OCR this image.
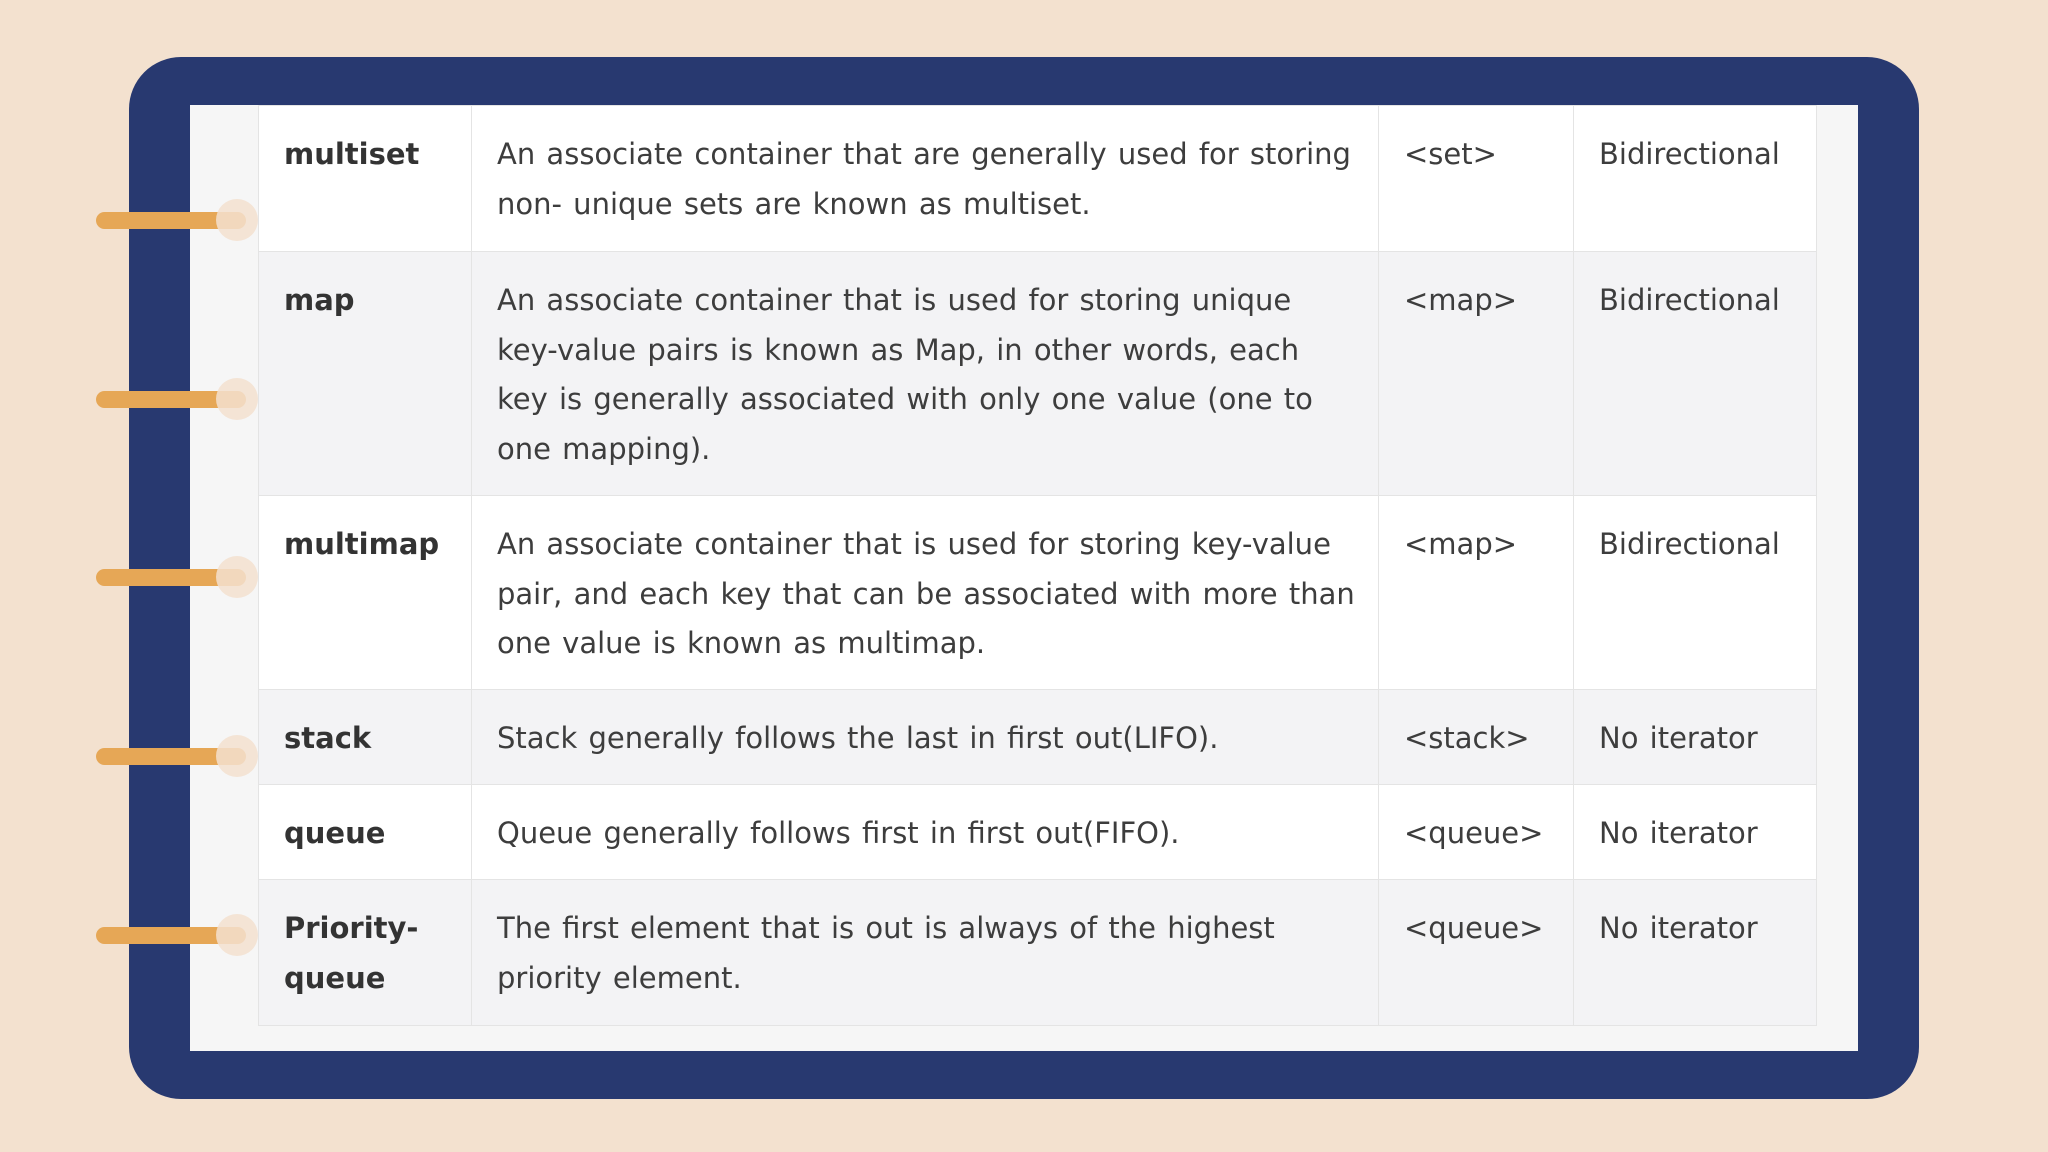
multiset	An associate container that are generally used for storing non- unique sets are known as multiset.	<set>	Bidirectional
map	An associate container that is used for storing unique key-value pairs is known as Map, in other words, each key is generally associated with only one value (one to one mapping).	<map>	Bidirectional
multimap	An associate container that is used for storing key-value pair, and each key that can be associated with more than one value is known as multimap.	<map>	Bidirectional
stack	Stack generally follows the last in first out(LIFO).	<stack>	No iterator
queue	Queue generally follows first in first out(FIFO).	<queue>	No iterator
Priority-queue	The first element that is out is always of the highest priority element.	<queue>	No iterator
